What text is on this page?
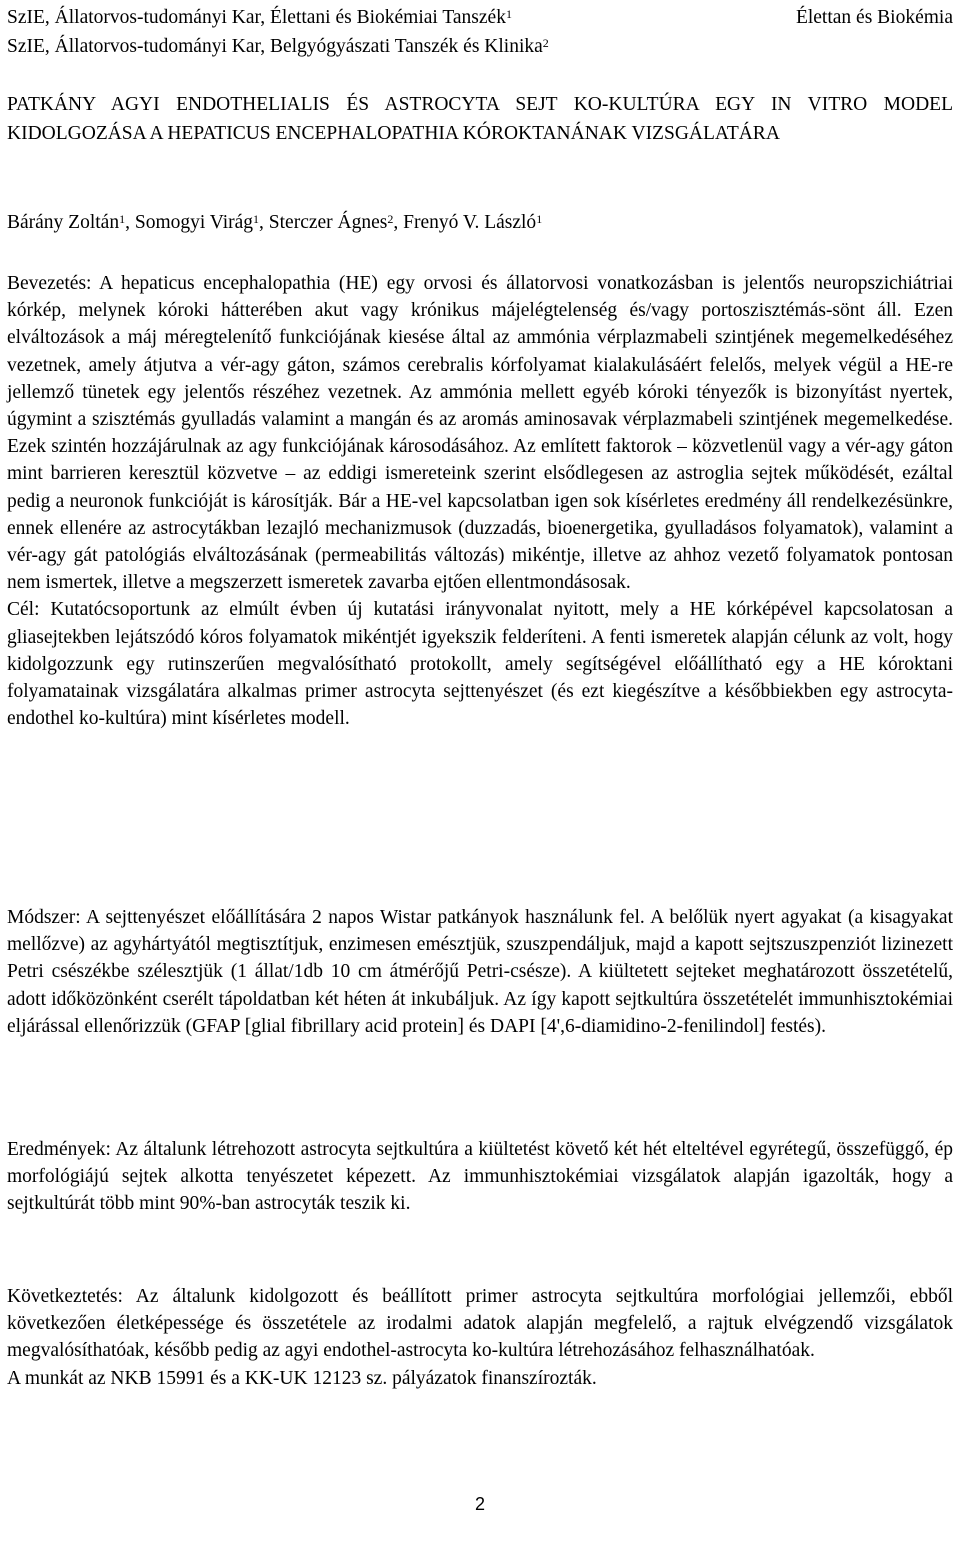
SzIE, Állatorvos-tudományi Kar, Élettani és Biokémiai Tanszék$^1$
SzIE, Állatorvos-tudományi Kar, Belgyógyászati Tanszék és Klinika$^2$
Élettan és Biokémia
PATKÁNY AGYI ENDOTHELIALIS ÉS ASTROCYTA SEJT KO-KULTÚRA EGY IN VITRO MODEL KIDOLGOZÁSA A HEPATICUS ENCEPHALOPATHIA KÓROKTANÁNAK VIZSGÁLATÁRA
Bárány Zoltán$^1$, Somogyi Virág$^1$, Sterczer Ágnes$^2$, Frenyó V. László$^1$

Bevezetés: A hepaticus encephalopathia (HE) egy orvosi és állatorvosi vonatkozásban is jelentős neuropszichiátriai kórkép, melynek kóroki hátterében akut vagy krónikus májelégtelenség és/vagy portoszisztémás-sönt áll. Ezen elváltozások a máj méregtelenítő funkciójának kiesése által az ammónia vérplazmabeli szintjének megemelkedéséhez vezetnek, amely átjutva a vér-agy gáton, számos cerebralis kórfolyamat kialakulásáért felelős, melyek végül a HE-re jellemző tünetek egy jelentős részéhez vezetnek. Az ammónia mellett egyéb kóroki tényezők is bizonyítást nyertek, úgymint a szisztémás gyulladás valamint a mangán és az aromás aminosavak vérplazmabeli szintjének megemelkedése. Ezek szintén hozzájárulnak az agy funkciójának károsodásához. Az említett faktorok – közvetlenül vagy a vér-agy gáton mint barrieren keresztül közvetve – az eddigi ismereteink szerint elsődlegesen az astroglia sejtek működését, ezáltal pedig a neuronok funkcióját is károsítják. Bár a HE-vel kapcsolatban igen sok kísérletes eredmény áll rendelkezésünkre, ennek ellenére az astrocytákban lezajló mechanizmusok (duzzadás, bioenergetika, gyulladásos folyamatok), valamint a vér-agy gát patológiás elváltozásának (permeabilitás változás) mikéntje, illetve az ahhoz vezető folyamatok pontosan nem ismertek, illetve a megszerzett ismeretek zavarba ejtően ellentmondásosak.

Cél: Kutatócsoportunk az elmúlt évben új kutatási irányvonalat nyitott, mely a HE kórképével kapcsolatosan a gliasejtekben lejátszódó kóros folyamatok mikéntjét igyekszik felderíteni. A fenti ismeretek alapján célunk az volt, hogy kidolgozzunk egy rutinszerűen megvalósítható protokollt, amely segítségével előállítható egy a HE kóroktani folyamatainak vizsgálatára alkalmas primer astrocyta sejttenyészet (és ezt kiegészítve a későbbiekben egy astrocyta-endothel ko-kultúra) mint kísérletes modell.

Módszer: A sejttenyészet előállítására 2 napos Wistar patkányok használunk fel. A belőlük nyert agyakat (a kisagyakat mellőzve) az agyhártyától megtisztítjuk, enzimesen emésztjük, szuszpendáljuk, majd a kapott sejtszuszpenziót lizinezett Petri csészékbe szélesztjük (1 állat/1db 10 cm átmérőjű Petri-csésze). A kiültetett sejteket meghatározott összetételű, adott időközönként cserélt tápoldatban két héten át inkubáljuk. Az így kapott sejtkultúra összetételét immunhisztokémiai eljárással ellenőrizzük (GFAP [glial fibrillary acid protein] és DAPI [4',6-diamidino-2-fenilindol] festés).

Eredmények: Az általunk létrehozott astrocyta sejtkultúra a kiültetést követő két hét elteltével egyrétegű, összefüggő, ép morfológiájú sejtek alkotta tenyészetet képezett. Az immunhisztokémiai vizsgálatok alapján igazolták, hogy a sejtkultúrát több mint 90%-ban astrocyták teszik ki.

Következtetés: Az általunk kidolgozott és beállított primer astrocyta sejtkultúra morfológiai jellemzői, ebből következően életképessége és összetétele az irodalmi adatok alapján megfelelő, a rajtuk elvégzendő vizsgálatok megvalósíthatóak, később pedig az agyi endothel-astrocyta ko-kultúra létrehozásához felhasználhatóak.

A munkát az NKB 15991 és a KK-UK 12123 sz. pályázatok finanszírozták.

2
